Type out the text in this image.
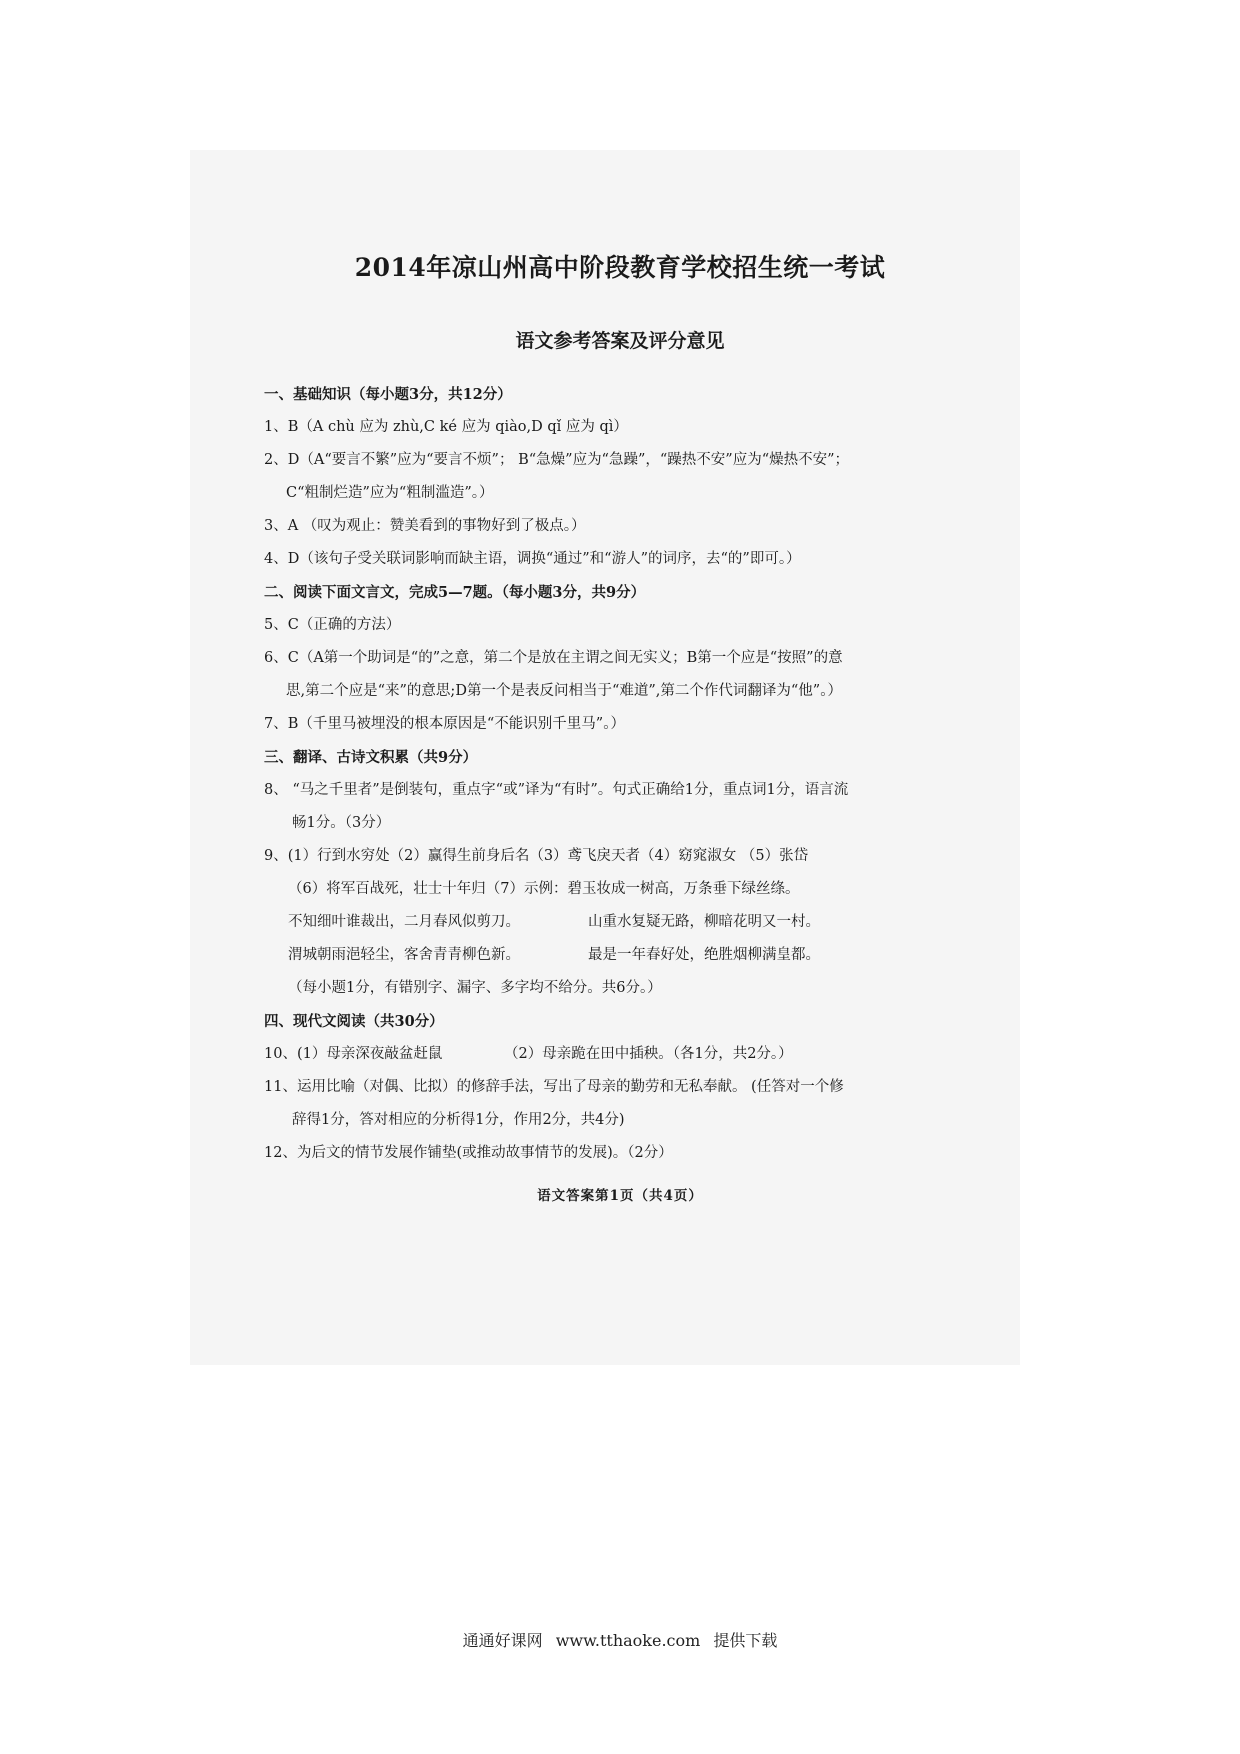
2014年凉山州高中阶段教育学校招生统一考试
语文参考答案及评分意见
一、基础知识（每小题3分，共12分）
1、B（A chù 应为 zhù,C ké 应为 qiào,D qǐ 应为 qì）
2、D（A“要言不繁”应为“要言不烦”； B“急燥”应为“急躁”，“躁热不安”应为“燥热不安”；
C“粗制烂造”应为“粗制滥造”。）
3、A （叹为观止：赞美看到的事物好到了极点。）
4、D（该句子受关联词影响而缺主语，调换“通过”和“游人”的词序，去“的”即可。）
二、阅读下面文言文，完成5—7题。（每小题3分，共9分）
5、C（正确的方法）
6、C（A第一个助词是“的”之意，第二个是放在主谓之间无实义；B第一个应是“按照”的意
思,第二个应是“来”的意思;D第一个是表反问相当于“难道”,第二个作代词翻译为“他”。）
7、B（千里马被埋没的根本原因是“不能识别千里马”。）
三、翻译、古诗文积累（共9分）
8、 “马之千里者”是倒装句，重点字“或”译为“有时”。句式正确给1分，重点词1分，语言流
畅1分。（3分）
9、(1）行到水穷处（2）赢得生前身后名（3）鸢飞戾天者（4）窈窕淑女 （5）张岱
（6）将军百战死，壮士十年归（7）示例：碧玉妆成一树高，万条垂下绿丝绦。
不知细叶谁裁出，二月春风似剪刀。	山重水复疑无路，柳暗花明又一村。
渭城朝雨浥轻尘，客舍青青柳色新。	最是一年春好处，绝胜烟柳满皇都。
（每小题1分，有错别字、漏字、多字均不给分。共6分。）
四、现代文阅读（共30分）
10、(1）母亲深夜敲盆赶鼠	（2）母亲跪在田中插秧。（各1分，共2分。）
11、运用比喻（对偶、比拟）的修辞手法，写出了母亲的勤劳和无私奉献。 (任答对一个修
辞得1分，答对相应的分析得1分，作用2分，共4分)
12、为后文的情节发展作铺垫(或推动故事情节的发展)。（2分）
语文答案第1页（共4页）
通通好课网 www.tthaoke.com 提供下载
